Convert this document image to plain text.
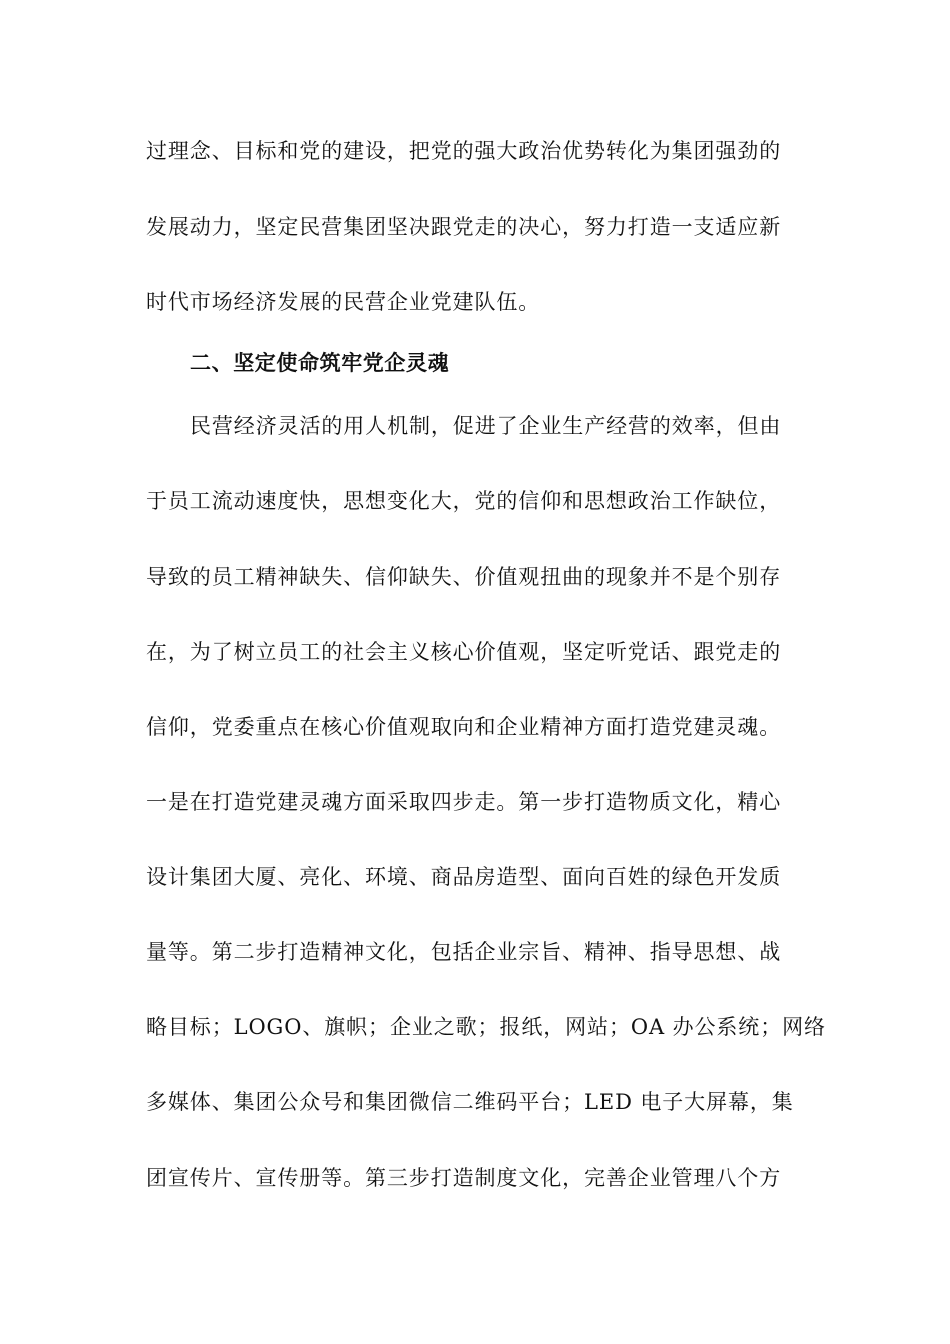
过理念、目标和党的建设，把党的强大政治优势转化为集团强劲的
发展动力，坚定民营集团坚决跟党走的决心，努力打造一支适应新
时代市场经济发展的民营企业党建队伍。
二、坚定使命筑牢党企灵魂
民营经济灵活的用人机制，促进了企业生产经营的效率，但由
于员工流动速度快，思想变化大，党的信仰和思想政治工作缺位，
导致的员工精神缺失、信仰缺失、价值观扭曲的现象并不是个别存
在，为了树立员工的社会主义核心价值观，坚定听党话、跟党走的
信仰，党委重点在核心价值观取向和企业精神方面打造党建灵魂。
一是在打造党建灵魂方面采取四步走。第一步打造物质文化，精心
设计集团大厦、亮化、环境、商品房造型、面向百姓的绿色开发质
量等。第二步打造精神文化，包括企业宗旨、精神、指导思想、战
略目标；LOGO、旗帜；企业之歌；报纸，网站；OA 办公系统；网络
多媒体、集团公众号和集团微信二维码平台；LED 电子大屏幕，集
团宣传片、宣传册等。第三步打造制度文化，完善企业管理八个方
